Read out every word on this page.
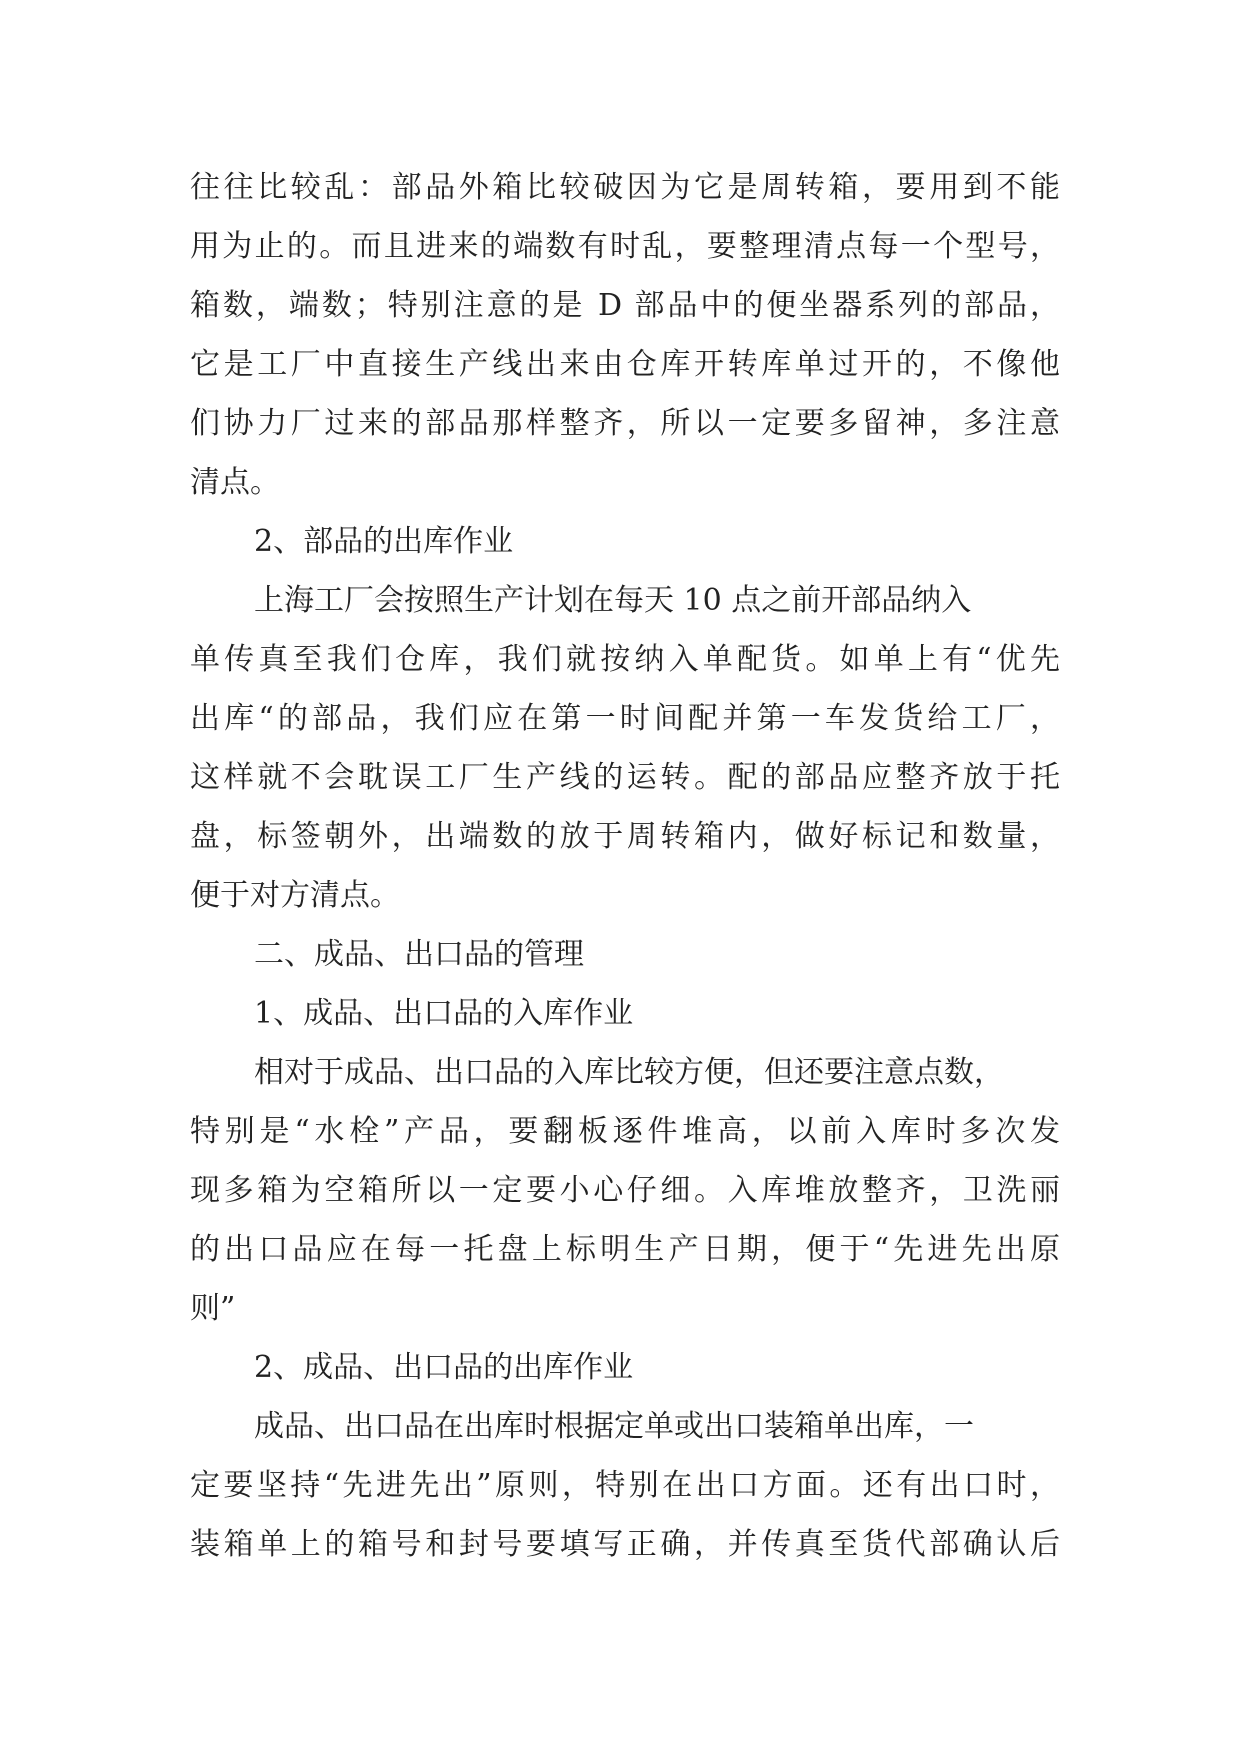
往往比较乱：部品外箱比较破因为它是周转箱，要用到不能
用为止的。而且进来的端数有时乱，要整理清点每一个型号，
箱数，端数；特别注意的是 D 部品中的便坐器系列的部品，
它是工厂中直接生产线出来由仓库开转库单过开的，不像他
们协力厂过来的部品那样整齐，所以一定要多留神，多注意
清点。
2、部品的出库作业
上海工厂会按照生产计划在每天 10 点之前开部品纳入
单传真至我们仓库，我们就按纳入单配货。如单上有“优先
出库“的部品，我们应在第一时间配并第一车发货给工厂，
这样就不会耽误工厂生产线的运转。配的部品应整齐放于托
盘，标签朝外，出端数的放于周转箱内，做好标记和数量，
便于对方清点。
二、成品、出口品的管理
1、成品、出口品的入库作业
相对于成品、出口品的入库比较方便，但还要注意点数，
特别是“水栓”产品，要翻板逐件堆高，以前入库时多次发
现多箱为空箱所以一定要小心仔细。入库堆放整齐，卫洗丽
的出口品应在每一托盘上标明生产日期，便于“先进先出原
则”
2、成品、出口品的出库作业
成品、出口品在出库时根据定单或出口装箱单出库，一
定要坚持“先进先出”原则，特别在出口方面。还有出口时，
装箱单上的箱号和封号要填写正确，并传真至货代部确认后
